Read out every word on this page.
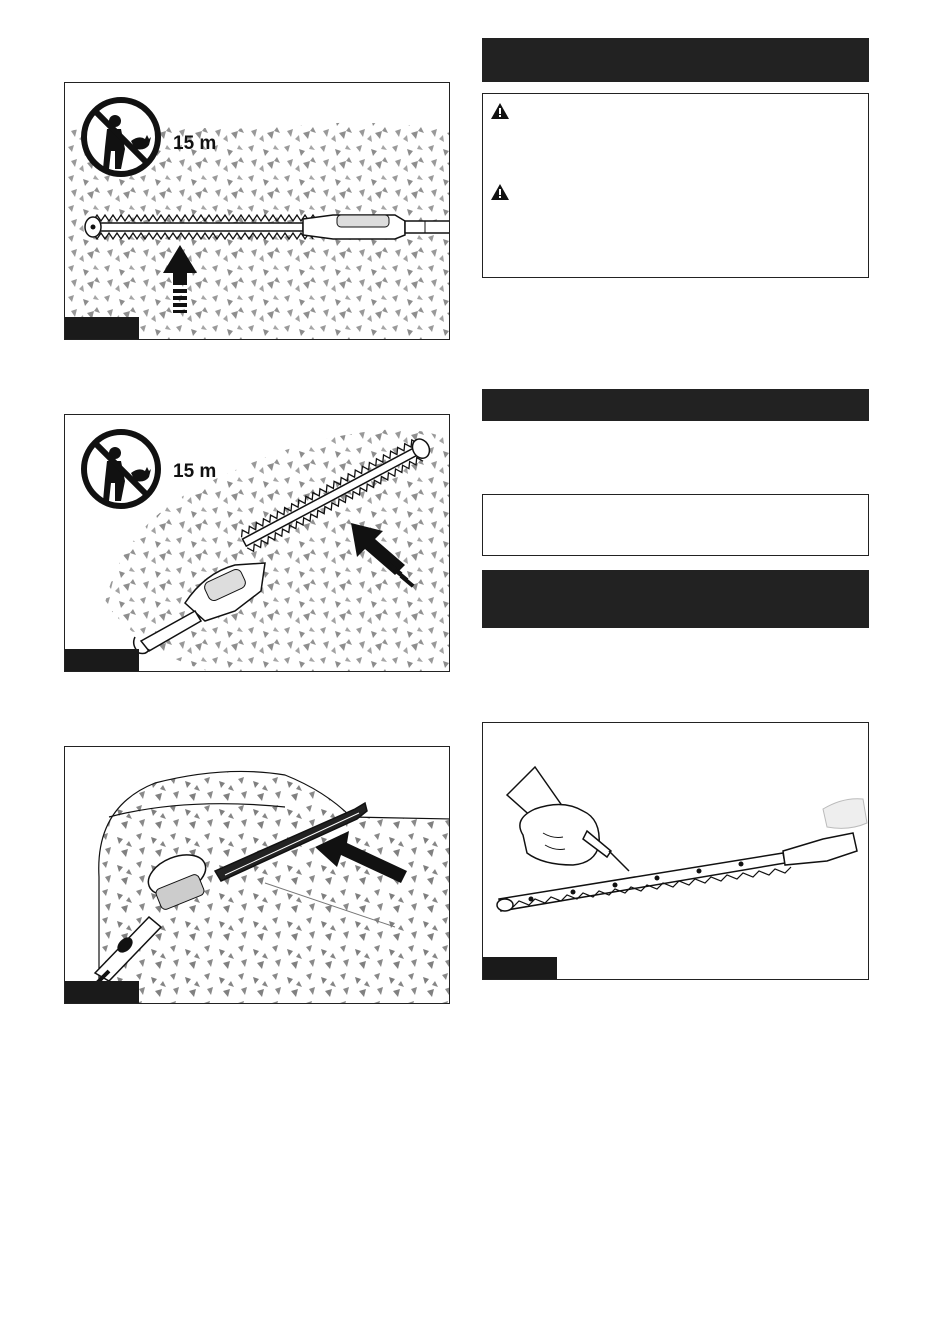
15 m
15 m
